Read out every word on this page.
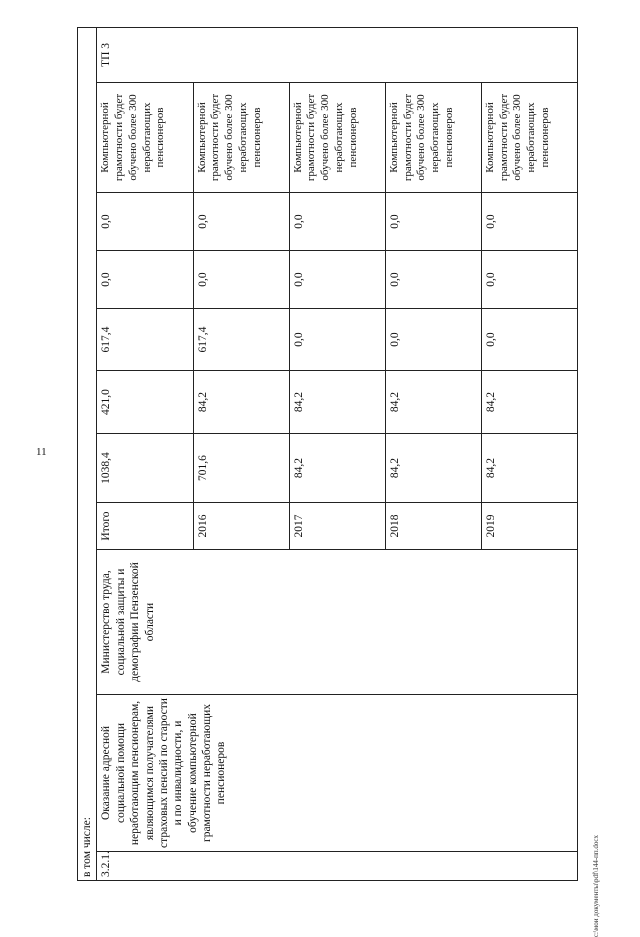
11
c:\мои документы\pdf\144-пп.docx
в том числе:										
3.2.1.	Оказание адресной социальной помощи неработающим пенсионерам, являющимся получателями страховых пенсий по старости и по инвалидности, и обучение компьютерной грамотности неработающих пенсионеров	Министерство труда, социальной защиты и демографии Пензенской области	Итого	1038,4	421,0	617,4	0,0	0,0	Компьютерной грамотности будет обучено более 300 неработающих пенсионеров	ТП 3
			2016	701,6	84,2	617,4	0,0	0,0	Компьютерной грамотности будет обучено более 300 неработающих пенсионеров	
			2017	84,2	84,2	0,0	0,0	0,0	Компьютерной грамотности будет обучено более 300 неработающих пенсионеров	
			2018	84,2	84,2	0,0	0,0	0,0	Компьютерной грамотности будет обучено более 300 неработающих пенсионеров	
			2019	84,2	84,2	0,0	0,0	0,0	Компьютерной грамотности будет обучено более 300 неработающих пенсионеров	
